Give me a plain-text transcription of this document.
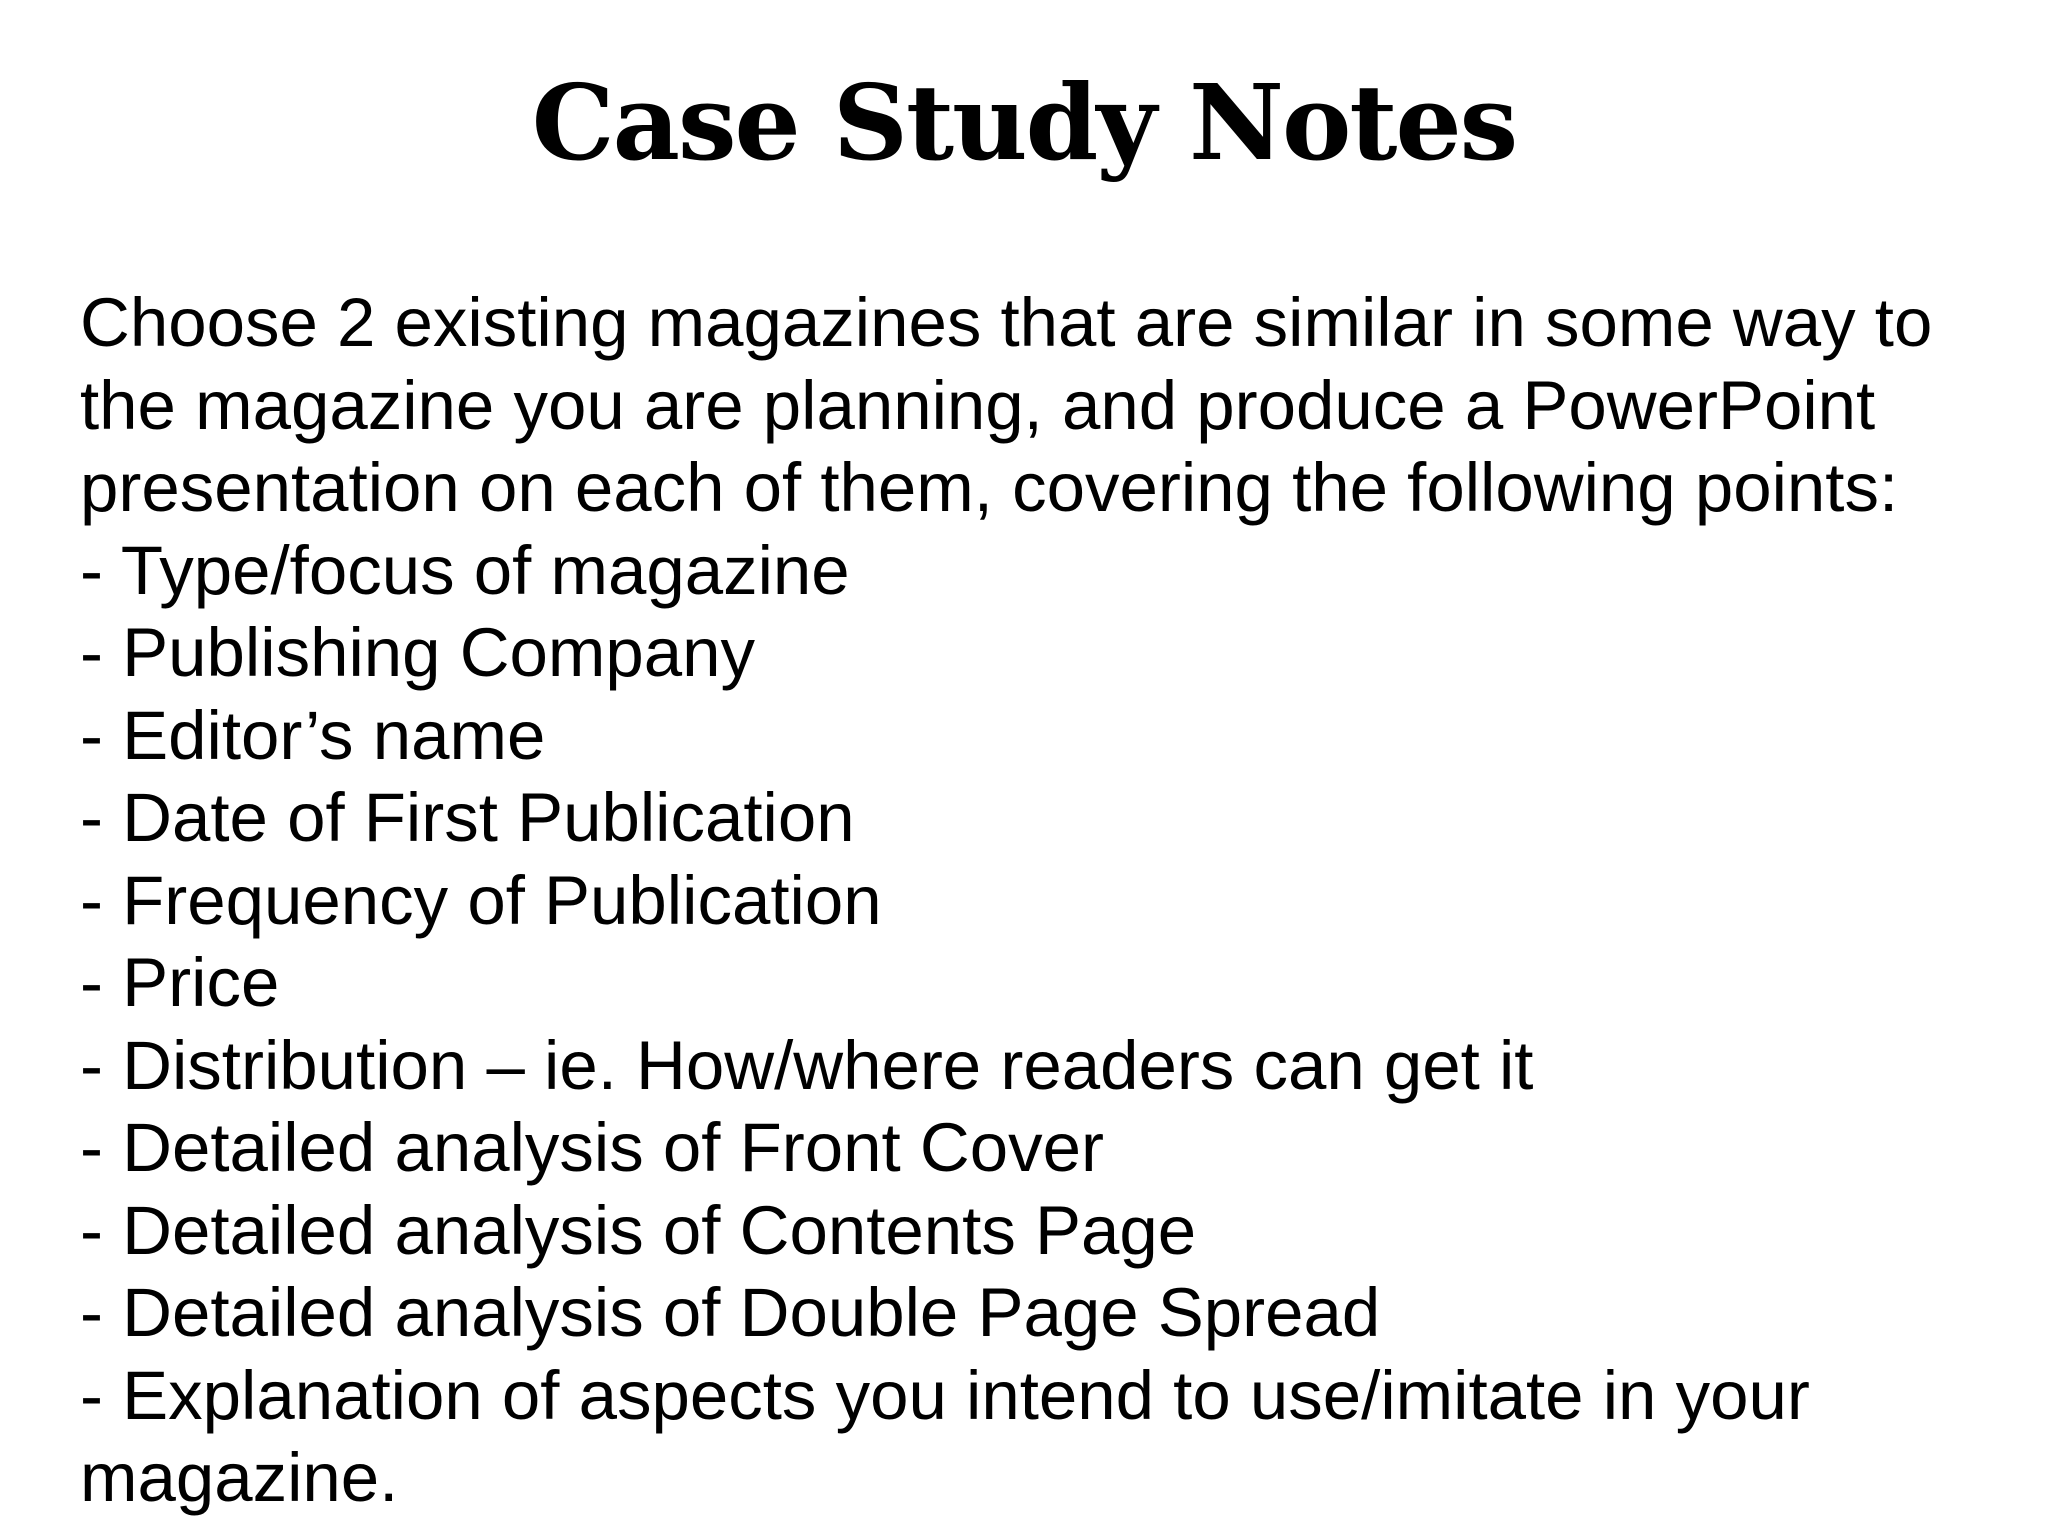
Case Study Notes

Choose 2 existing magazines that are similar in some way to the magazine you are planning, and produce a PowerPoint presentation on each of them, covering the following points:

- Type/focus of magazine
- Publishing Company
- Editor’s name
- Date of First Publication
- Frequency of Publication
- Price
- Distribution – ie. How/where readers can get it
- Detailed analysis of Front Cover
- Detailed analysis of Contents Page
- Detailed analysis of Double Page Spread
- Explanation of aspects you intend to use/imitate in your magazine.
